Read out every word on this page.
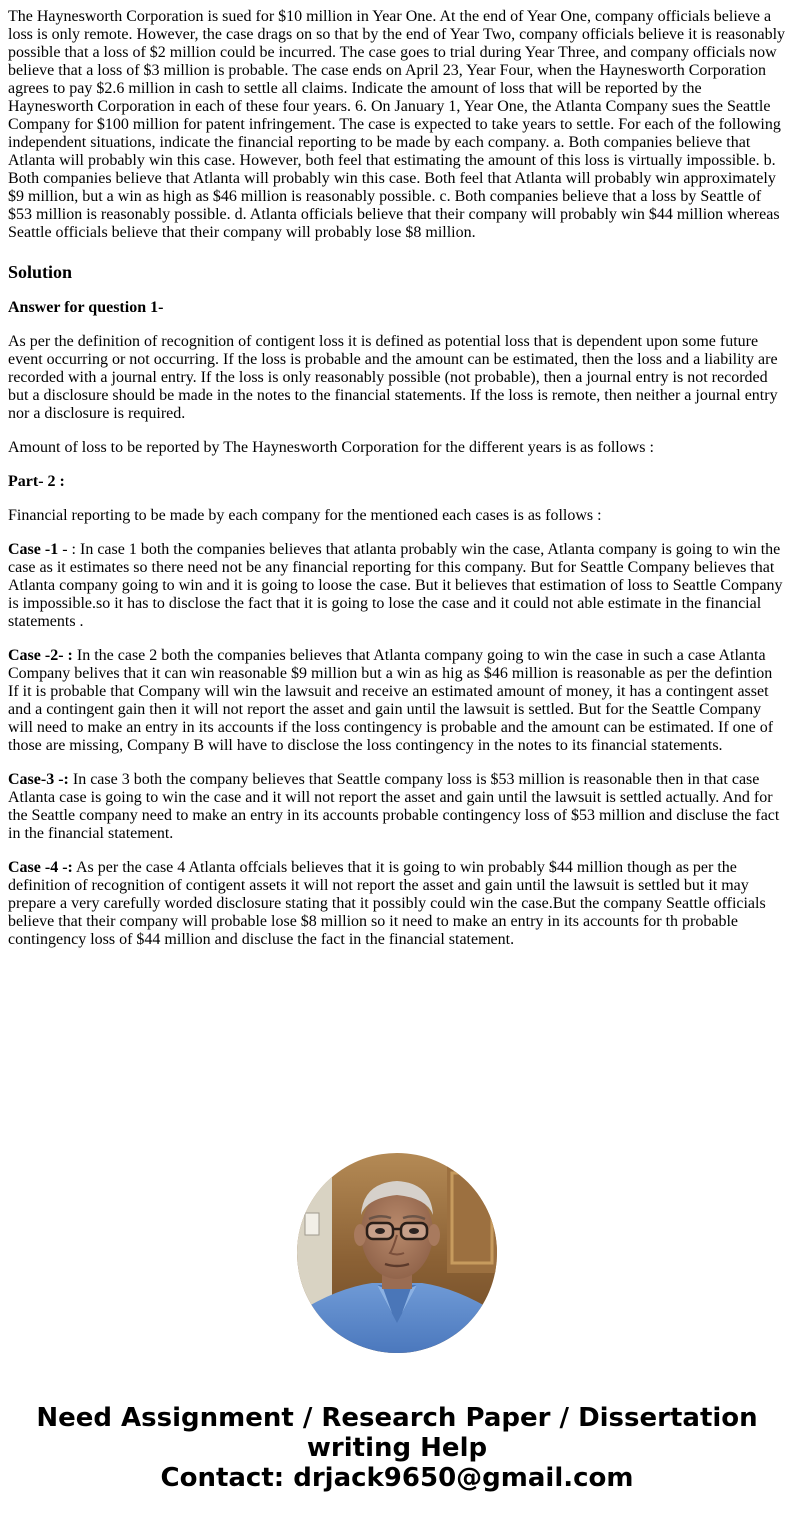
The Haynesworth Corporation is sued for $10 million in Year One. At the end of Year One, company officials believe a loss is only remote. However, the case drags on so that by the end of Year Two, company officials believe it is reasonably possible that a loss of $2 million could be incurred. The case goes to trial during Year Three, and company officials now believe that a loss of $3 million is probable. The case ends on April 23, Year Four, when the Haynesworth Corporation agrees to pay $2.6 million in cash to settle all claims. Indicate the amount of loss that will be reported by the Haynesworth Corporation in each of these four years. 6. On January 1, Year One, the Atlanta Company sues the Seattle Company for $100 million for patent infringement. The case is expected to take years to settle. For each of the following independent situations, indicate the financial reporting to be made by each company. a. Both companies believe that Atlanta will probably win this case. However, both feel that estimating the amount of this loss is virtually impossible. b. Both companies believe that Atlanta will probably win this case. Both feel that Atlanta will probably win approximately $9 million, but a win as high as $46 million is reasonably possible. c. Both companies believe that a loss by Seattle of $53 million is reasonably possible. d. Atlanta officials believe that their company will probably win $44 million whereas Seattle officials believe that their company will probably lose $8 million.

Solution
Answer for question 1-

As per the definition of recognition of contigent loss it is defined as potential loss that is dependent upon some future event occurring or not occurring. If the loss is probable and the amount can be estimated, then the loss and a liability are recorded with a journal entry. If the loss is only reasonably possible (not probable), then a journal entry is not recorded but a disclosure should be made in the notes to the financial statements. If the loss is remote, then neither a journal entry nor a disclosure is required.

Amount of loss to be reported by The Haynesworth Corporation for the different years is as follows :

Part- 2 :

Financial reporting to be made by each company for the mentioned each cases is as follows :

Case -1 - : In case 1 both the companies believes that atlanta probably win the case, Atlanta company is going to win the case as it estimates so there need not be any financial reporting for this company. But for Seattle Company believes that Atlanta company going to win and it is going to loose the case. But it believes that estimation of loss to Seattle Company is impossible.so it has to disclose the fact that it is going to lose the case and it could not able estimate in the financial statements .

Case -2- : In the case 2 both the companies believes that Atlanta company going to win the case in such a case Atlanta Company belives that it can win reasonable $9 million but a win as hig as $46 million is reasonable as per the defintion If it is probable that Company will win the lawsuit and receive an estimated amount of money, it has a contingent asset and a contingent gain then it will not report the asset and gain until the lawsuit is settled. But for the Seattle Company will need to make an entry in its accounts if the loss contingency is probable and the amount can be estimated. If one of those are missing, Company B will have to disclose the loss contingency in the notes to its financial statements.

Case-3 -: In case 3 both the company believes that Seattle company loss is $53 million is reasonable then in that case Atlanta case is going to win the case and it will not report the asset and gain until the lawsuit is settled actually. And for the Seattle company need to make an entry in its accounts probable contingency loss of $53 million and discluse the fact in the financial statement.

Case -4 -: As per the case 4 Atlanta offcials believes that it is going to win probably $44 million though as per the definition of recognition of contigent assets it will not report the asset and gain until the lawsuit is settled but it may prepare a very carefully worded disclosure stating that it possibly could win the case.But the company Seattle officials believe that their company will probable lose $8 million so it need to make an entry in its accounts for th probable contingency loss of $44 million and discluse the fact in the financial statement.

Need Assignment / Research Paper / Dissertation
writing Help
Contact: drjack9650@gmail.com
